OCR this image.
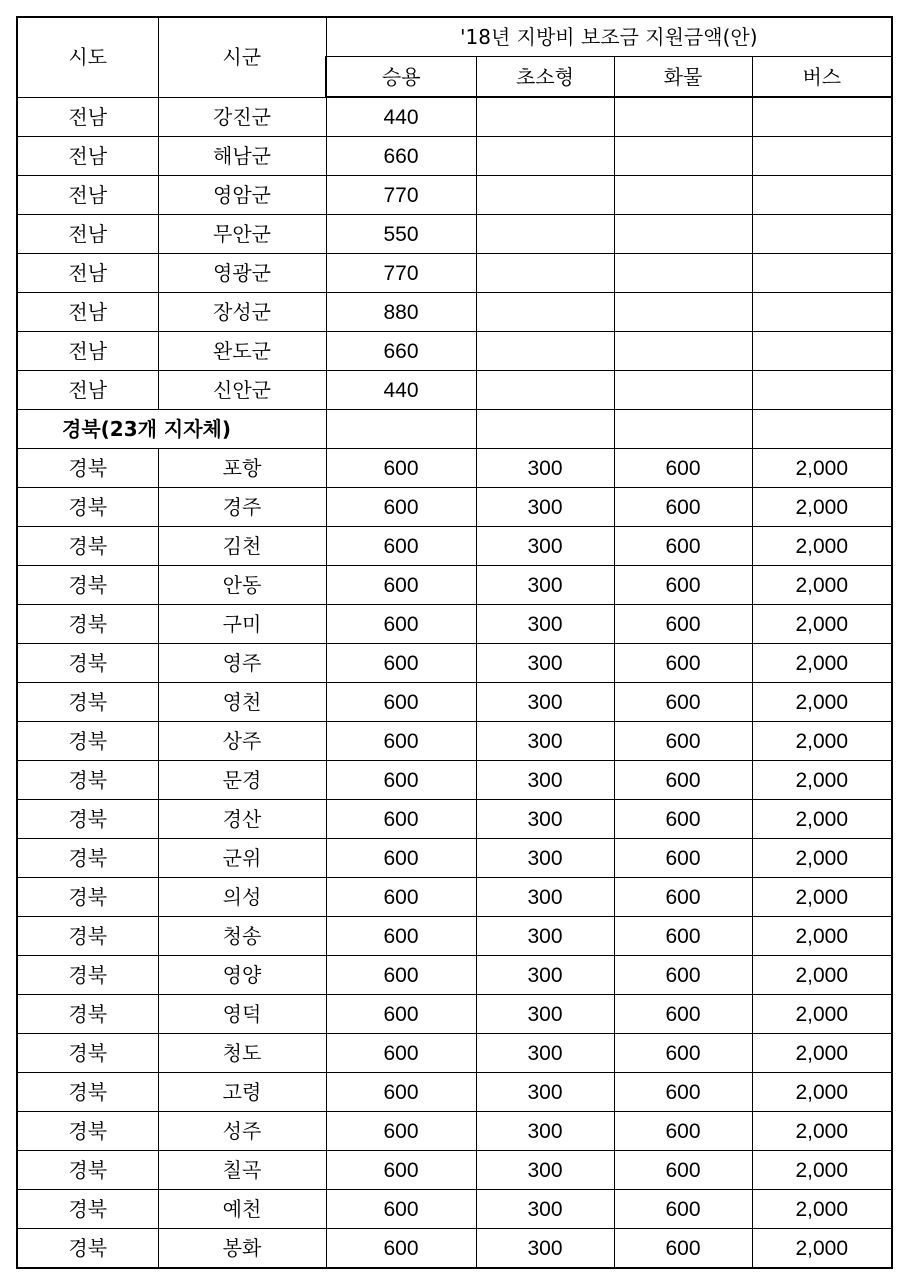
시도	시군	'18년 지방비 보조금 지원금액(안)			
		승용	초소형	화물	버스
전남	강진군	440			
전남	해남군	660			
전남	영암군	770			
전남	무안군	550			
전남	영광군	770			
전남	장성군	880			
전남	완도군	660			
전남	신안군	440			
경북(23개 지자체)					
경북	포항	600	300	600	2,000
경북	경주	600	300	600	2,000
경북	김천	600	300	600	2,000
경북	안동	600	300	600	2,000
경북	구미	600	300	600	2,000
경북	영주	600	300	600	2,000
경북	영천	600	300	600	2,000
경북	상주	600	300	600	2,000
경북	문경	600	300	600	2,000
경북	경산	600	300	600	2,000
경북	군위	600	300	600	2,000
경북	의성	600	300	600	2,000
경북	청송	600	300	600	2,000
경북	영양	600	300	600	2,000
경북	영덕	600	300	600	2,000
경북	청도	600	300	600	2,000
경북	고령	600	300	600	2,000
경북	성주	600	300	600	2,000
경북	칠곡	600	300	600	2,000
경북	예천	600	300	600	2,000
경북	봉화	600	300	600	2,000
